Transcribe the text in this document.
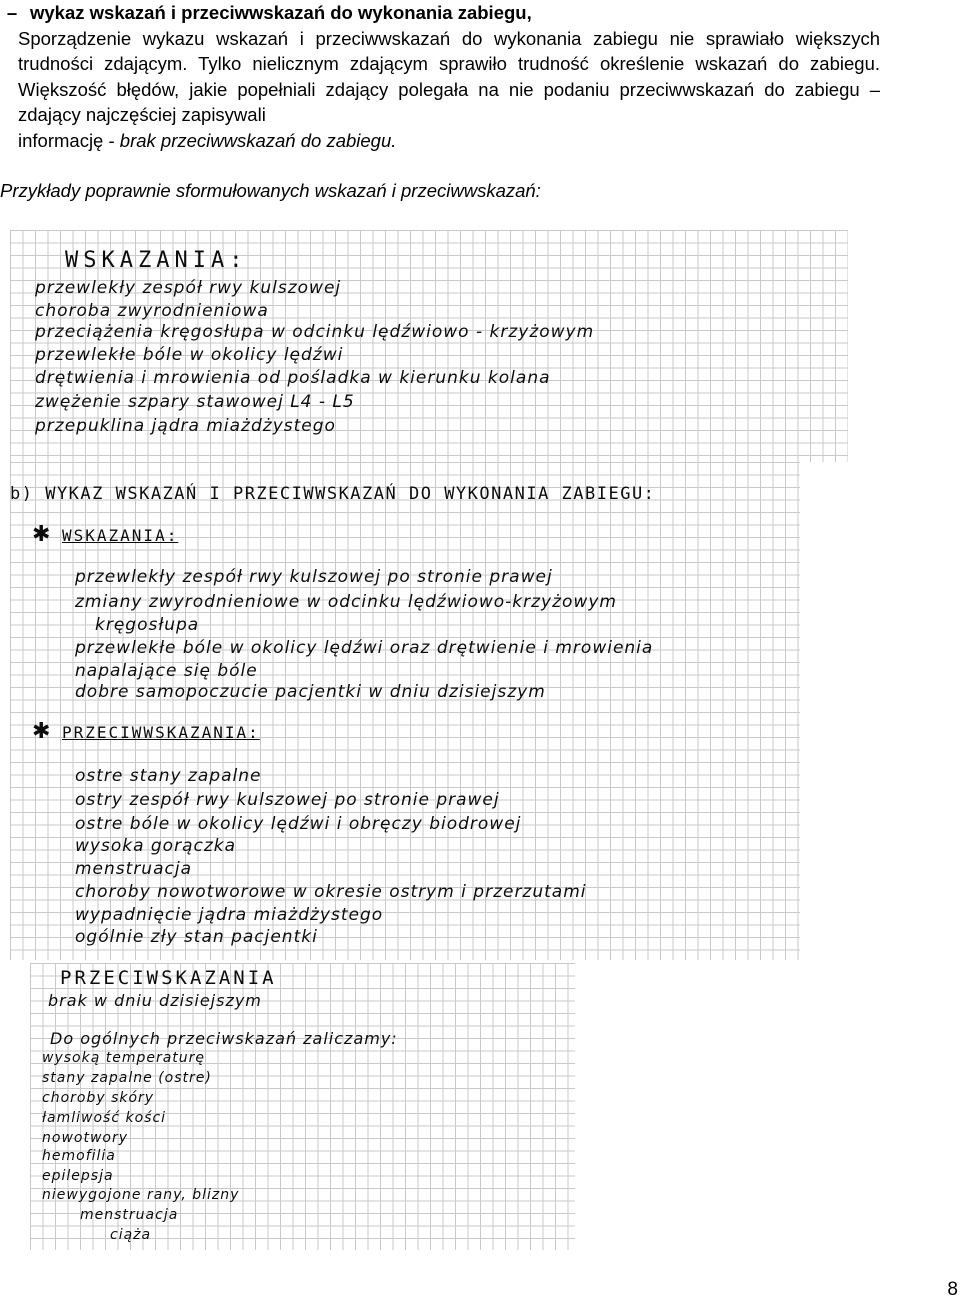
– wykaz wskazań i przeciwwskazań do wykonania zabiegu,
Sporządzenie wykazu wskazań i przeciwwskazań do wykonania zabiegu nie sprawiało większych trudności zdającym. Tylko nielicznym zdającym sprawiło trudność określenie wskazań do zabiegu. Większość błędów, jakie popełniali zdający polegała na nie podaniu przeciwwskazań do zabiegu – zdający najczęściej zapisywali
informację - brak przeciwwskazań do zabiegu.
Przykłady poprawnie sformułowanych wskazań i przeciwwskazań:
WSKAZANIA:
przewlekły zespół rwy kulszowej
choroba zwyrodnieniowa
przeciążenia kręgosłupa w odcinku lędźwiowo - krzyżowym
przewlekłe bóle w okolicy lędźwi
drętwienia i mrowienia od pośladka w kierunku kolana
zwężenie szpary stawowej L4 - L5
przepuklina jądra miażdżystego
b) WYKAZ WSKAZAŃ I PRZECIWWSKAZAŃ DO WYKONANIA ZABIEGU:
✱ WSKAZANIA:
przewlekły zespół rwy kulszowej po stronie prawej
zmiany zwyrodnieniowe w odcinku lędźwiowo-krzyżowym
kręgosłupa
przewlekłe bóle w okolicy lędźwi oraz drętwienie i mrowienia
napalające się bóle
dobre samopoczucie pacjentki w dniu dzisiejszym
✱ PRZECIWWSKAZANIA:
ostre stany zapalne
ostry zespół rwy kulszowej po stronie prawej
ostre bóle w okolicy lędźwi i obręczy biodrowej
wysoka gorączka
menstruacja
choroby nowotworowe w okresie ostrym i przerzutami
wypadnięcie jądra miażdżystego
ogólnie zły stan pacjentki
PRZECIWSKAZANIA
brak w dniu dzisiejszym
Do ogólnych przeciwskazań zaliczamy:
wysoką temperaturę
stany zapalne (ostre)
choroby skóry
łamliwość kości
nowotwory
hemofilia
epilepsja
niewygojone rany, blizny
menstruacja
ciąża
8
